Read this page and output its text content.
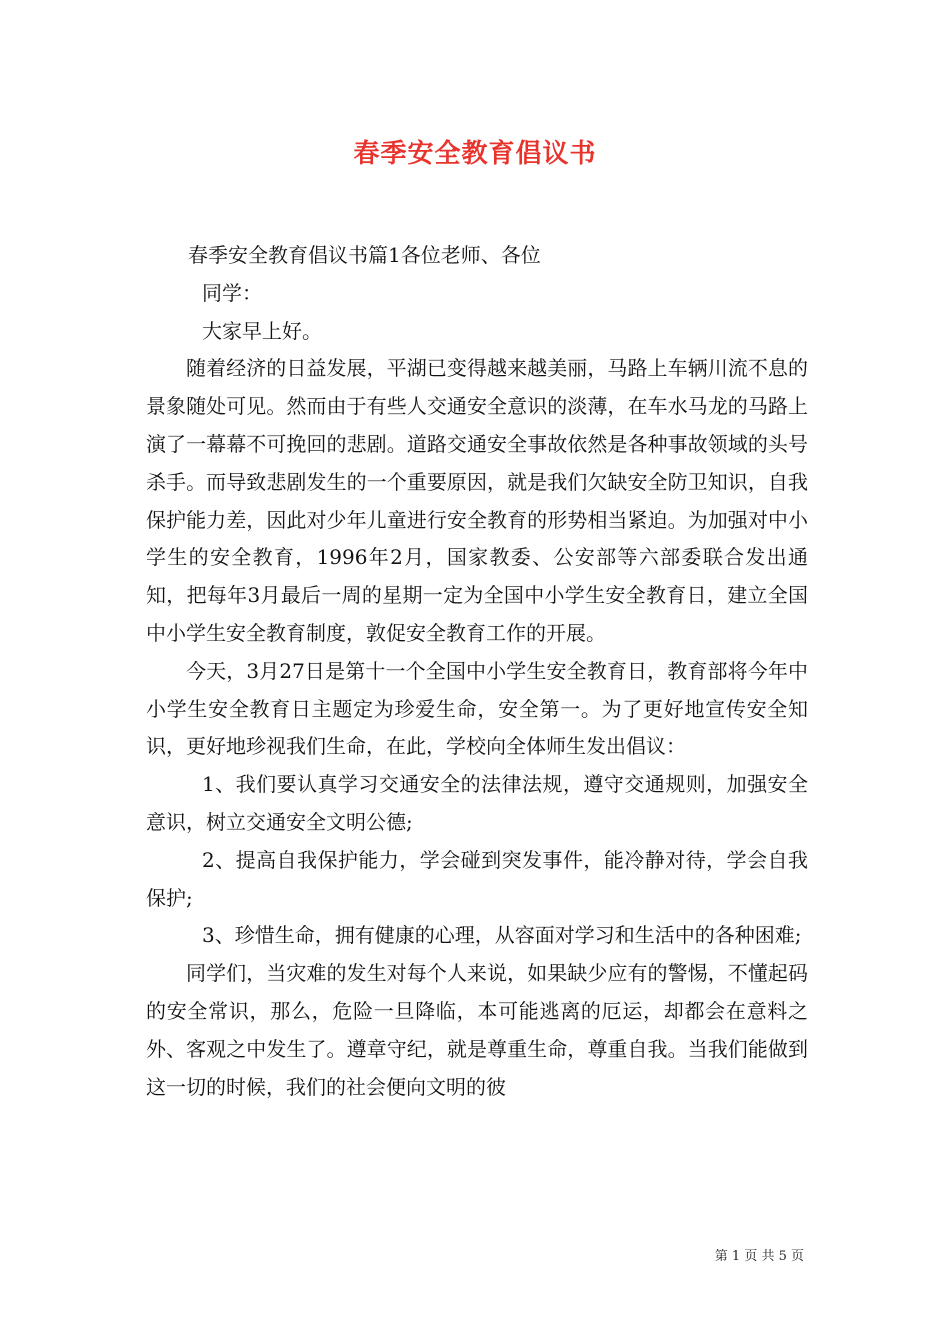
春季安全教育倡议书

春季安全教育倡议书篇1各位老师、各位

同学：

大家早上好。

随着经济的日益发展，平湖已变得越来越美丽，马路上车辆川流不息的景象随处可见。然而由于有些人交通安全意识的淡薄，在车水马龙的马路上演了一幕幕不可挽回的悲剧。道路交通安全事故依然是各种事故领域的头号杀手。而导致悲剧发生的一个重要原因，就是我们欠缺安全防卫知识，自我保护能力差，因此对少年儿童进行安全教育的形势相当紧迫。为加强对中小学生的安全教育，1996年2月，国家教委、公安部等六部委联合发出通知，把每年3月最后一周的星期一定为全国中小学生安全教育日，建立全国中小学生安全教育制度，敦促安全教育工作的开展。

今天，3月27日是第十一个全国中小学生安全教育日，教育部将今年中小学生安全教育日主题定为珍爱生命，安全第一。为了更好地宣传安全知识，更好地珍视我们生命，在此，学校向全体师生发出倡议：

1、我们要认真学习交通安全的法律法规，遵守交通规则，加强安全意识，树立交通安全文明公德;

2、提高自我保护能力，学会碰到突发事件，能冷静对待，学会自我保护;

3、珍惜生命，拥有健康的心理，从容面对学习和生活中的各种困难;

同学们，当灾难的发生对每个人来说，如果缺少应有的警惕，不懂起码的安全常识，那么，危险一旦降临，本可能逃离的厄运，却都会在意料之外、客观之中发生了。遵章守纪，就是尊重生命，尊重自我。当我们能做到这一切的时候，我们的社会便向文明的彼

第 1 页 共 5 页
